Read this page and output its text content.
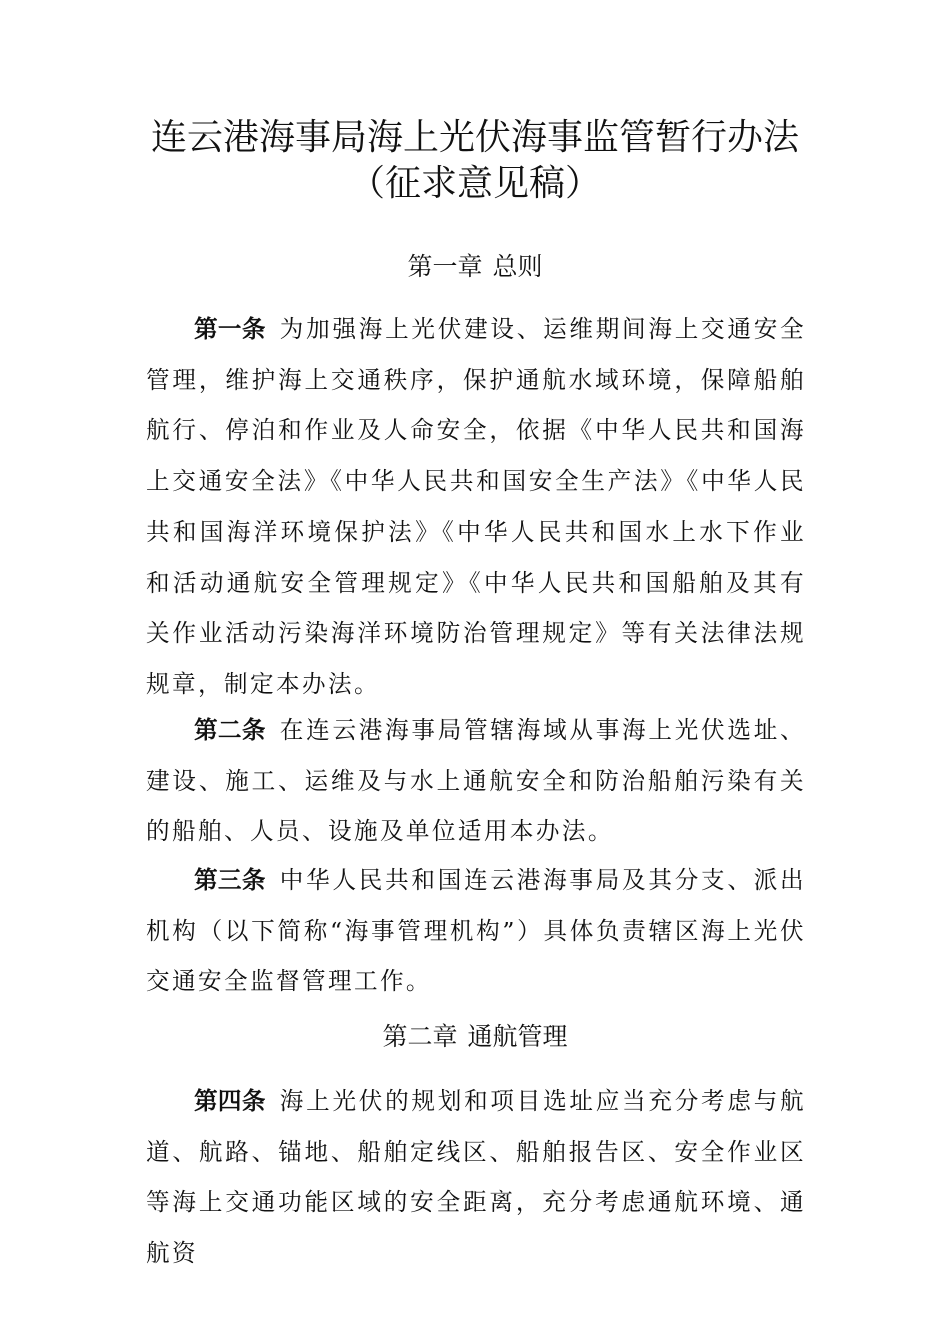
连云港海事局海上光伏海事监管暂行办法
（征求意见稿）
第一章 总则

第一条 为加强海上光伏建设、运维期间海上交通安全管理，维护海上交通秩序，保护通航水域环境，保障船舶航行、停泊和作业及人命安全，依据《中华人民共和国海上交通安全法》《中华人民共和国安全生产法》《中华人民共和国海洋环境保护法》《中华人民共和国水上水下作业和活动通航安全管理规定》《中华人民共和国船舶及其有关作业活动污染海洋环境防治管理规定》等有关法律法规规章，制定本办法。

第二条 在连云港海事局管辖海域从事海上光伏选址、建设、施工、运维及与水上通航安全和防治船舶污染有关的船舶、人员、设施及单位适用本办法。

第三条 中华人民共和国连云港海事局及其分支、派出机构（以下简称“海事管理机构”）具体负责辖区海上光伏交通安全监督管理工作。

第二章 通航管理

第四条 海上光伏的规划和项目选址应当充分考虑与航道、航路、锚地、船舶定线区、船舶报告区、安全作业区等海上交通功能区域的安全距离，充分考虑通航环境、通航资
